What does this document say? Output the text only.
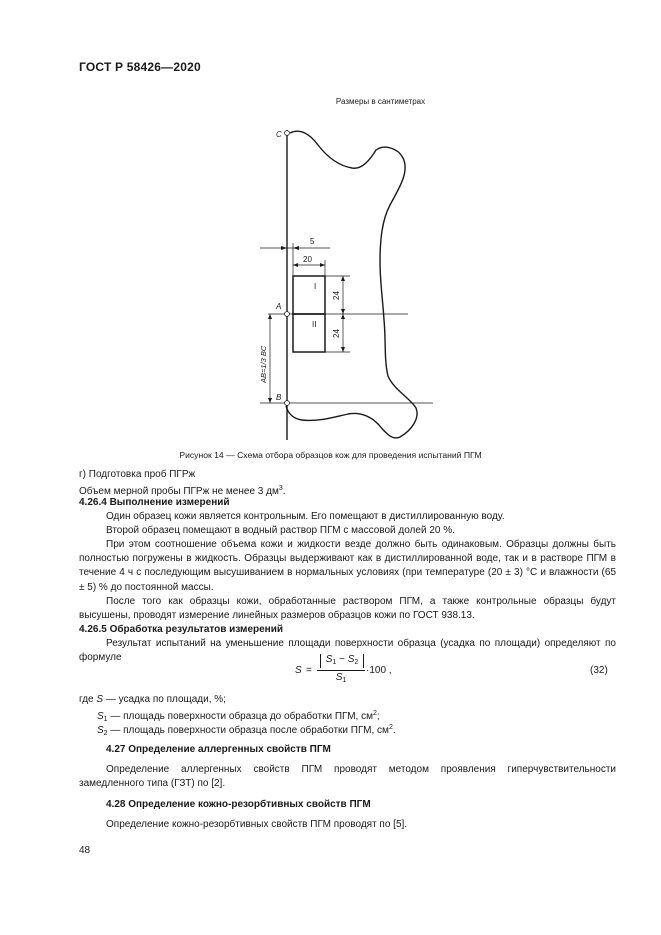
ГОСТ Р 58426—2020
Размеры в сантиметрах
C
A
B
5
20
I
II
24
24
AB=1/3 BC
Рисунок 14 — Схема отбора образцов кож для проведения испытаний ПГМ
г) Подготовка проб ПГРж
Объем мерной пробы ПГРж не менее 3 $дм^3$.
4.26.4 Выполнение измерений
Один образец кожи является контрольным. Его помещают в дистиллированную воду.
Второй образец помещают в водный раствор ПГМ с массовой долей 20 %.
При этом соотношение объема кожи и жидкости везде должно быть одинаковым. Образцы должны быть полностью погружены в жидкость. Образцы выдерживают как в дистиллированной воде, так и в растворе ПГМ в течение 4 ч с последующим высушиванием в нормальных условиях (при температуре (20 ± 3) °С и влажности (65 ± 5) % до постоянной массы.
После того как образцы кожи, обработанные раствором ПГМ, а также контрольные образцы будут высушены, проводят измерение линейных размеров образцов кожи по ГОСТ 938.13.
4.26.5 Обработка результатов измерений
Результат испытаний на уменьшение площади поверхности образца (усадка по площади) определяют по формуле
S =
$S_1 - S_2$
$S_1$
·100 ,	(32)
где S — усадка по площади, %;
$S_1$ — площадь поверхности образца до обработки ПГМ, $см^2$;
$S_2$ — площадь поверхности образца после обработки ПГМ, $см^2$.
4.27 Определение аллергенных свойств ПГМ
Определение аллергенных свойств ПГМ проводят методом проявления гиперчувствительности замедленного типа (ГЗТ) по [2].
4.28 Определение кожно-резорбтивных свойств ПГМ
Определение кожно-резорбтивных свойств ПГМ проводят по [5].
48
